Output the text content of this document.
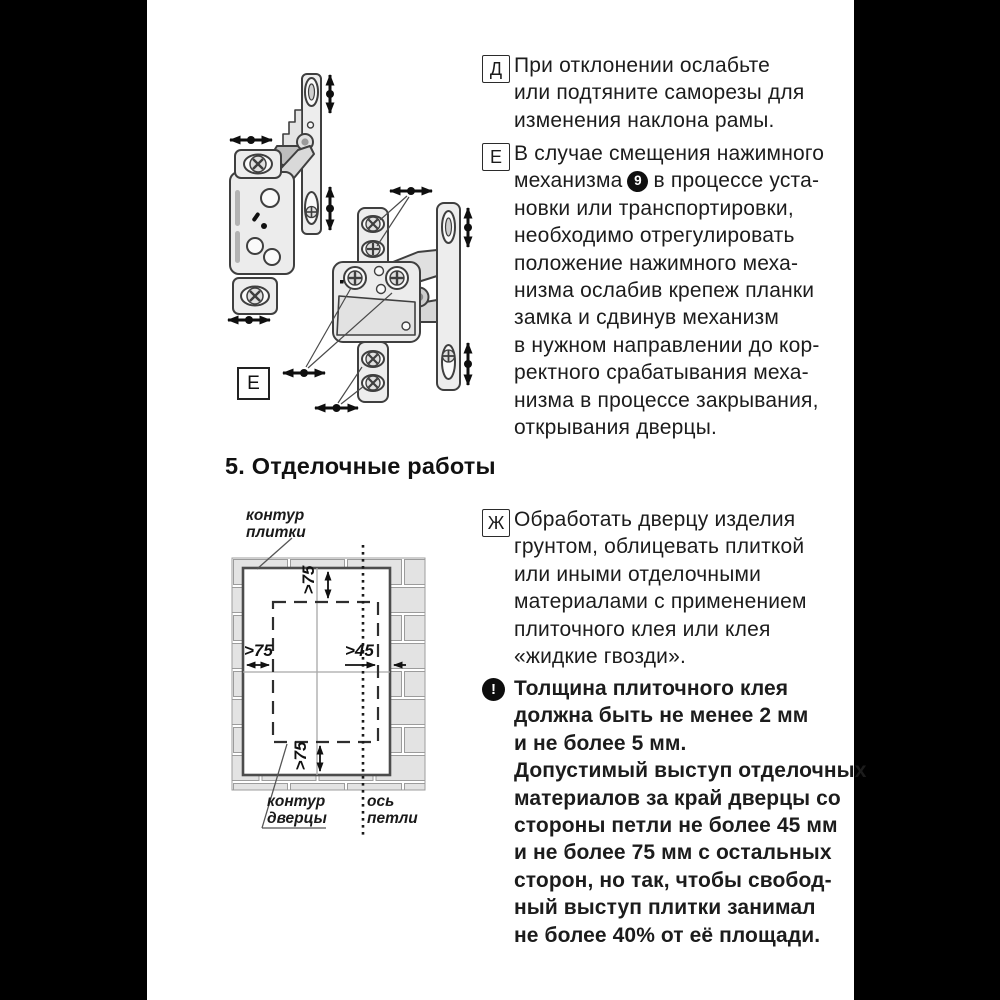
Е
Д При отклонении ослабьте
или подтяните саморезы для
изменения наклона рамы.
Е В случае смещения нажимного
механизма 9 в процессе уста-
новки или транспортировки,
необходимо отрегулировать
положение нажимного меха-
низма ослабив крепеж планки
замка и сдвинув механизм
в нужном направлении до кор-
ректного срабатывания меха-
низма в процессе закрывания,
открывания дверцы.
5. Отделочные работы
контур
плитки
контур
дверцы
ось
петли
>75
>75	>45
>75
Ж Обработать дверцу изделия
грунтом, облицевать плиткой
или иными отделочными
материалами с применением
плиточного клея или клея
«жидкие гвозди».
! Толщина плиточного клея
должна быть не менее 2 мм
и не более 5 мм.
Допустимый выступ отделочных
материалов за край дверцы со
стороны петли не более 45 мм
и не более 75 мм с остальных
сторон, но так, чтобы свобод-
ный выступ плитки занимал
не более 40% от её площади.
